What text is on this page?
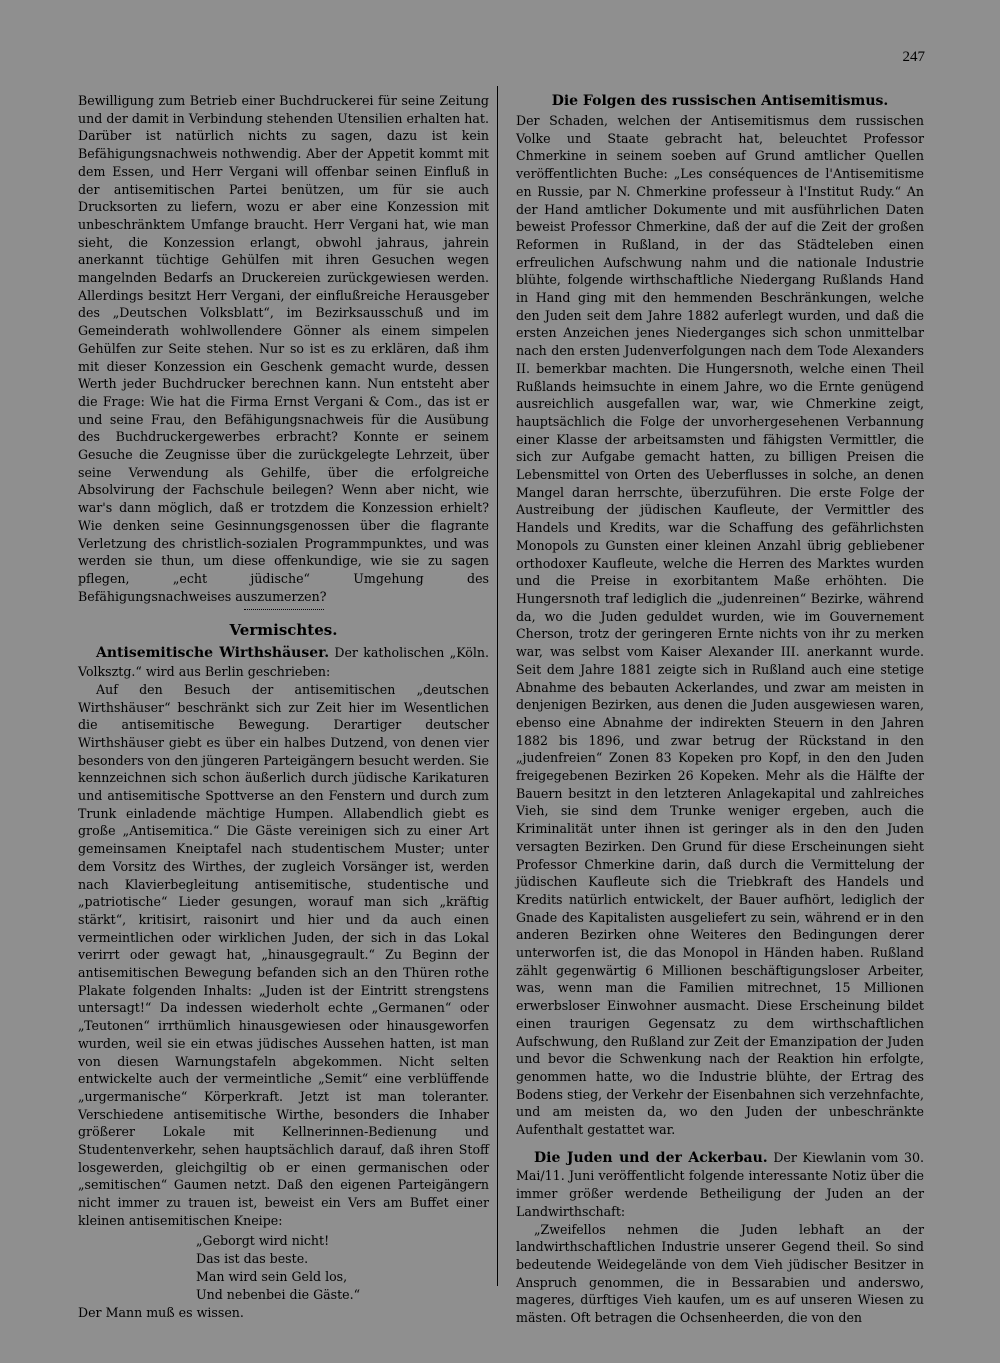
247

Bewilligung zum Betrieb einer Buchdruckerei für seine Zeitung und der damit in Verbindung stehenden Utensilien erhalten hat. Darüber ist natürlich nichts zu sagen, dazu ist kein Befähigungsnachweis nothwendig. Aber der Appetit kommt mit dem Essen, und Herr Vergani will offenbar seinen Einfluß in der antisemitischen Partei benützen, um für sie auch Drucksorten zu liefern, wozu er aber eine Konzession mit unbeschränktem Umfange braucht. Herr Vergani hat, wie man sieht, die Konzession erlangt, obwohl jahraus, jahrein anerkannt tüchtige Gehülfen mit ihren Gesuchen wegen mangelnden Bedarfs an Druckereien zurückgewiesen werden. Allerdings besitzt Herr Vergani, der einflußreiche Herausgeber des „Deutschen Volksblatt“, im Bezirksausschuß und im Gemeinderath wohlwollendere Gönner als einem simpelen Gehülfen zur Seite stehen. Nur so ist es zu erklären, daß ihm mit dieser Konzession ein Geschenk gemacht wurde, dessen Werth jeder Buchdrucker berechnen kann. Nun entsteht aber die Frage: Wie hat die Firma Ernst Vergani & Com., das ist er und seine Frau, den Befähigungsnachweis für die Ausübung des Buchdruckergewerbes erbracht? Konnte er seinem Gesuche die Zeugnisse über die zurückgelegte Lehrzeit, über seine Verwendung als Gehilfe, über die erfolgreiche Absolvirung der Fachschule beilegen? Wenn aber nicht, wie war's dann möglich, daß er trotzdem die Konzession erhielt? Wie denken seine Gesinnungsgenossen über die flagrante Verletzung des christlich-sozialen Programmpunktes, und was werden sie thun, um diese offenkundige, wie sie zu sagen pflegen, „echt jüdische“ Umgehung des Befähigungsnachweises auszumerzen?

Vermischtes.

Antisemitische Wirthshäuser. Der katholischen „Köln. Volksztg.“ wird aus Berlin geschrieben:

Auf den Besuch der antisemitischen „deutschen Wirthshäuser“ beschränkt sich zur Zeit hier im Wesentlichen die antisemitische Bewegung. Derartiger deutscher Wirthshäuser giebt es über ein halbes Dutzend, von denen vier besonders von den jüngeren Parteigängern besucht werden. Sie kennzeichnen sich schon äußerlich durch jüdische Karikaturen und antisemitische Spottverse an den Fenstern und durch zum Trunk einladende mächtige Humpen. Allabendlich giebt es große „Antisemitica.“ Die Gäste vereinigen sich zu einer Art gemeinsamen Kneiptafel nach studentischem Muster; unter dem Vorsitz des Wirthes, der zugleich Vorsänger ist, werden nach Klavierbegleitung antisemitische, studentische und „patriotische“ Lieder gesungen, worauf man sich „kräftig stärkt“, kritisirt, raisonirt und hier und da auch einen vermeintlichen oder wirklichen Juden, der sich in das Lokal verirrt oder gewagt hat, „hinausgegrault.“ Zu Beginn der antisemitischen Bewegung befanden sich an den Thüren rothe Plakate folgenden Inhalts: „Juden ist der Eintritt strengstens untersagt!“ Da indessen wiederholt echte „Germanen“ oder „Teutonen“ irrthümlich hinausgewiesen oder hinausgeworfen wurden, weil sie ein etwas jüdisches Aussehen hatten, ist man von diesen Warnungstafeln abgekommen. Nicht selten entwickelte auch der vermeintliche „Semit“ eine verblüffende „urgermanische“ Körperkraft. Jetzt ist man toleranter. Verschiedene antisemitische Wirthe, besonders die Inhaber größerer Lokale mit Kellnerinnen-Bedienung und Studentenverkehr, sehen hauptsächlich darauf, daß ihren Stoff losgewerden, gleichgiltig ob er einen germanischen oder „semitischen“ Gaumen netzt. Daß den eigenen Parteigängern nicht immer zu trauen ist, beweist ein Vers am Buffet einer kleinen antisemitischen Kneipe:

„Geborgt wird nicht!
Das ist das beste.
Man wird sein Geld los,
Und nebenbei die Gäste.“

Der Mann muß es wissen.

Die Folgen des russischen Antisemitismus.

Der Schaden, welchen der Antisemitismus dem russischen Volke und Staate gebracht hat, beleuchtet Professor Chmerkine in seinem soeben auf Grund amtlicher Quellen veröffentlichten Buche: „Les conséquences de l'Antisemitisme en Russie, par N. Chmerkine professeur à l'Institut Rudy.“ An der Hand amtlicher Dokumente und mit ausführlichen Daten beweist Professor Chmerkine, daß der auf die Zeit der großen Reformen in Rußland, in der das Städteleben einen erfreulichen Aufschwung nahm und die nationale Industrie blühte, folgende wirthschaftliche Niedergang Rußlands Hand in Hand ging mit den hemmenden Beschränkungen, welche den Juden seit dem Jahre 1882 auferlegt wurden, und daß die ersten Anzeichen jenes Niederganges sich schon unmittelbar nach den ersten Judenverfolgungen nach dem Tode Alexanders II. bemerkbar machten. Die Hungersnoth, welche einen Theil Rußlands heimsuchte in einem Jahre, wo die Ernte genügend ausreichlich ausgefallen war, war, wie Chmerkine zeigt, hauptsächlich die Folge der unvorhergesehenen Verbannung einer Klasse der arbeitsamsten und fähigsten Vermittler, die sich zur Aufgabe gemacht hatten, zu billigen Preisen die Lebensmittel von Orten des Ueberflusses in solche, an denen Mangel daran herrschte, überzuführen. Die erste Folge der Austreibung der jüdischen Kaufleute, der Vermittler des Handels und Kredits, war die Schaffung des gefährlichsten Monopols zu Gunsten einer kleinen Anzahl übrig gebliebener orthodoxer Kaufleute, welche die Herren des Marktes wurden und die Preise in exorbitantem Maße erhöhten. Die Hungersnoth traf lediglich die „judenreinen“ Bezirke, während da, wo die Juden geduldet wurden, wie im Gouvernement Cherson, trotz der geringeren Ernte nichts von ihr zu merken war, was selbst vom Kaiser Alexander III. anerkannt wurde. Seit dem Jahre 1881 zeigte sich in Rußland auch eine stetige Abnahme des bebauten Ackerlandes, und zwar am meisten in denjenigen Bezirken, aus denen die Juden ausgewiesen waren, ebenso eine Abnahme der indirekten Steuern in den Jahren 1882 bis 1896, und zwar betrug der Rückstand in den „judenfreien“ Zonen 83 Kopeken pro Kopf, in den den Juden freigegebenen Bezirken 26 Kopeken. Mehr als die Hälfte der Bauern besitzt in den letzteren Anlagekapital und zahlreiches Vieh, sie sind dem Trunke weniger ergeben, auch die Kriminalität unter ihnen ist geringer als in den den Juden versagten Bezirken. Den Grund für diese Erscheinungen sieht Professor Chmerkine darin, daß durch die Vermittelung der jüdischen Kaufleute sich die Triebkraft des Handels und Kredits natürlich entwickelt, der Bauer aufhört, lediglich der Gnade des Kapitalisten ausgeliefert zu sein, während er in den anderen Bezirken ohne Weiteres den Bedingungen derer unterworfen ist, die das Monopol in Händen haben. Rußland zählt gegenwärtig 6 Millionen beschäftigungsloser Arbeiter, was, wenn man die Familien mitrechnet, 15 Millionen erwerbsloser Einwohner ausmacht. Diese Erscheinung bildet einen traurigen Gegensatz zu dem wirthschaftlichen Aufschwung, den Rußland zur Zeit der Emanzipation der Juden und bevor die Schwenkung nach der Reaktion hin erfolgte, genommen hatte, wo die Industrie blühte, der Ertrag des Bodens stieg, der Verkehr der Eisenbahnen sich verzehnfachte, und am meisten da, wo den Juden der unbeschränkte Aufenthalt gestattet war.

Die Juden und der Ackerbau. Der Kiewlanin vom 30. Mai/11. Juni veröffentlicht folgende interessante Notiz über die immer größer werdende Betheiligung der Juden an der Landwirthschaft:

„Zweifellos nehmen die Juden lebhaft an der landwirthschaftlichen Industrie unserer Gegend theil. So sind bedeutende Weidegelände von dem Vieh jüdischer Besitzer in Anspruch genommen, die in Bessarabien und anderswo, mageres, dürftiges Vieh kaufen, um es auf unseren Wiesen zu mästen. Oft betragen die Ochsenheerden, die von den
